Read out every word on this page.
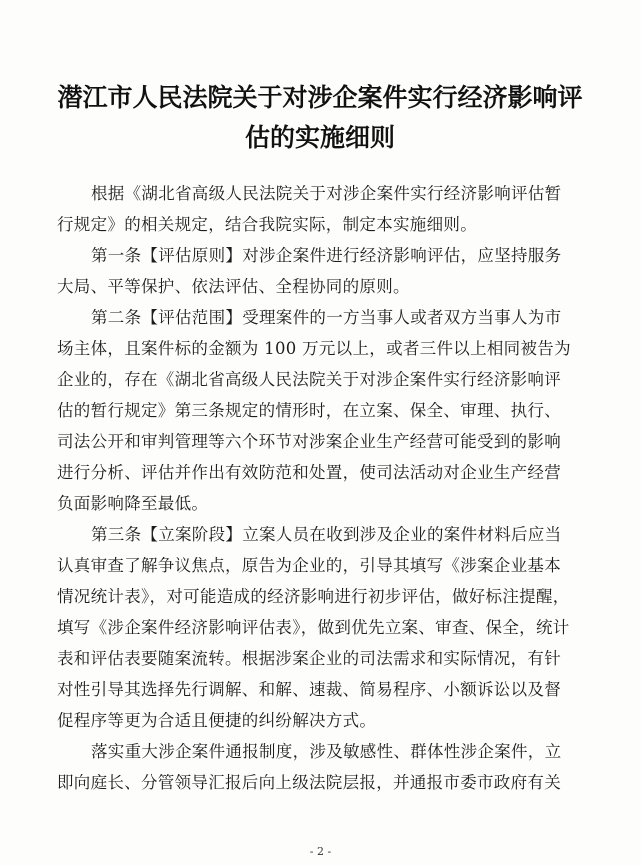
潜江市人民法院关于对涉企案件实行经济影响评
估的实施细则
根据《湖北省高级人民法院关于对涉企案件实行经济影响评估暂
行规定》的相关规定，结合我院实际，制定本实施细则。
第一条【评估原则】对涉企案件进行经济影响评估，应坚持服务
大局、平等保护、依法评估、全程协同的原则。
第二条【评估范围】受理案件的一方当事人或者双方当事人为市
场主体，且案件标的金额为 100 万元以上，或者三件以上相同被告为
企业的，存在《湖北省高级人民法院关于对涉企案件实行经济影响评
估的暂行规定》第三条规定的情形时，在立案、保全、审理、执行、
司法公开和审判管理等六个环节对涉案企业生产经营可能受到的影响
进行分析、评估并作出有效防范和处置，使司法活动对企业生产经营
负面影响降至最低。
第三条【立案阶段】立案人员在收到涉及企业的案件材料后应当
认真审查了解争议焦点，原告为企业的，引导其填写《涉案企业基本
情况统计表》，对可能造成的经济影响进行初步评估，做好标注提醒，
填写《涉企案件经济影响评估表》，做到优先立案、审查、保全，统计
表和评估表要随案流转。根据涉案企业的司法需求和实际情况，有针
对性引导其选择先行调解、和解、速裁、简易程序、小额诉讼以及督
促程序等更为合适且便捷的纠纷解决方式。
落实重大涉企案件通报制度，涉及敏感性、群体性涉企案件，立
即向庭长、分管领导汇报后向上级法院层报，并通报市委市政府有关
- 2 -
